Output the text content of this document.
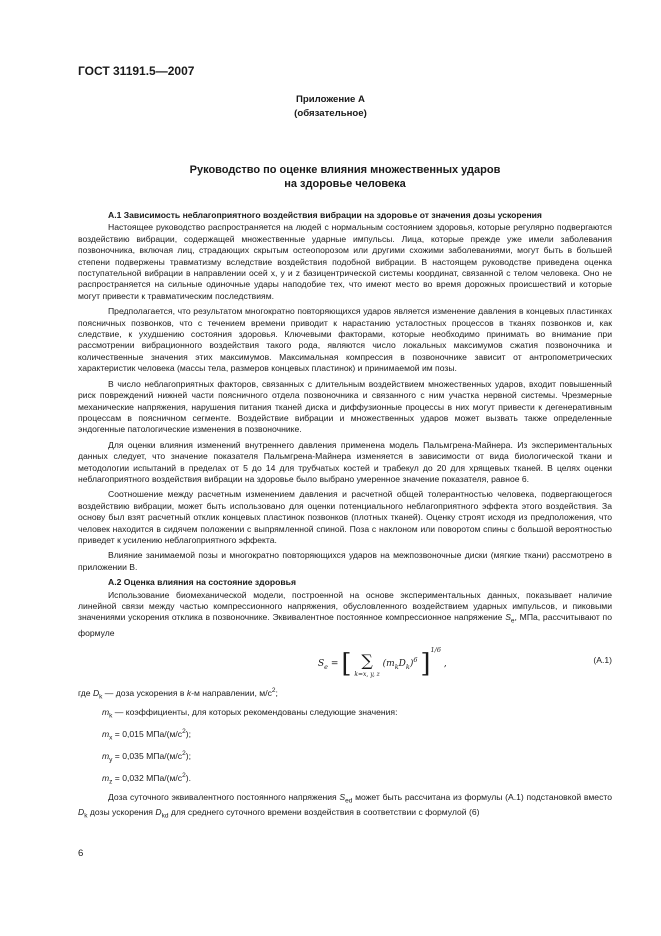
ГОСТ 31191.5—2007
Приложение А
(обязательное)
Руководство по оценке влияния множественных ударов
на здоровье человека

А.1 Зависимость неблагоприятного воздействия вибрации на здоровье от значения дозы ускорения

Настоящее руководство распространяется на людей с нормальным состоянием здоровья, которые регулярно подвергаются воздействию вибрации, содержащей множественные ударные импульсы. Лица, которые прежде уже имели заболевания позвоночника, включая лиц, страдающих скрытым остеопорозом или другими схожими заболеваниями, могут быть в большей степени подвержены травматизму вследствие воздействия подобной вибрации. В настоящем руководстве приведена оценка поступательной вибрации в направлении осей x, y и z базицентрической системы координат, связанной с телом человека. Оно не распространяется на сильные одиночные удары наподобие тех, что имеют место во время дорожных происшествий и которые могут привести к травматическим последствиям.

Предполагается, что результатом многократно повторяющихся ударов является изменение давления в концевых пластинках поясничных позвонков, что с течением времени приводит к нарастанию усталостных процессов в тканях позвонков и, как следствие, к ухудшению состояния здоровья. Ключевыми факторами, которые необходимо принимать во внимание при рассмотрении вибрационного воздействия такого рода, являются число локальных максимумов сжатия позвоночника и количественные значения этих максимумов. Максимальная компрессия в позвоночнике зависит от антропометрических характеристик человека (массы тела, размеров концевых пластинок) и принимаемой им позы.

В число неблагоприятных факторов, связанных с длительным воздействием множественных ударов, входит повышенный риск повреждений нижней части поясничного отдела позвоночника и связанного с ним участка нервной системы. Чрезмерные механические напряжения, нарушения питания тканей диска и диффузионные процессы в них могут привести к дегенеративным процессам в поясничном сегменте. Воздействие вибрации и множественных ударов может вызвать также определенные эндогенные патологические изменения в позвоночнике.

Для оценки влияния изменений внутреннего давления применена модель Пальмгрена-Майнера. Из экспериментальных данных следует, что значение показателя Пальмгрена-Майнера изменяется в зависимости от вида биологической ткани и методологии испытаний в пределах от 5 до 14 для трубчатых костей и трабекул до 20 для хрящевых тканей. В целях оценки неблагоприятного воздействия вибрации на здоровье было выбрано умеренное значение показателя, равное 6.

Соотношение между расчетным изменением давления и расчетной общей толерантностью человека, подвергающегося воздействию вибрации, может быть использовано для оценки потенциального неблагоприятного эффекта этого воздействия. За основу был взят расчетный отклик концевых пластинок позвонков (плотных тканей). Оценку строят исходя из предположения, что человек находится в сидячем положении с выпрямленной спиной. Поза с наклоном или поворотом спины с большой вероятностью приведет к усилению неблагоприятного эффекта.

Влияние занимаемой позы и многократно повторяющихся ударов на межпозвоночные диски (мягкие ткани) рассмотрено в приложении В.

А.2 Оценка влияния на состояние здоровья

Использование биомеханической модели, построенной на основе экспериментальных данных, показывает наличие линейной связи между частью компрессионного напряжения, обусловленного воздействием ударных импульсов, и пиковыми значениями ускорения отклика в позвоночнике. Эквивалентное постоянное компрессионное напряжение $S_e$, МПа, рассчитывают по формуле

$S_e$ = [ ∑
k=x, y, z
$(m_kD_k)^6$ ]$^{1/6}$ ,	(А.1)

где $D_k$ — доза ускорения в k-м направлении, $м/с^2$;

$m_k$ — коэффициенты, для которых рекомендованы следующие значения:

$m_x = 0,015$ МПа/$(м/с^2)$;

$m_y = 0,035$ МПа/$(м/с^2)$;

$m_z = 0,032$ МПа/$(м/с^2)$.

Доза суточного эквивалентного постоянного напряжения $S_{ed}$ может быть рассчитана из формулы (А.1) подстановкой вместо $D_k$ дозы ускорения $D_{kd}$ для среднего суточного времени воздействия в соответствии с формулой (6)

6
